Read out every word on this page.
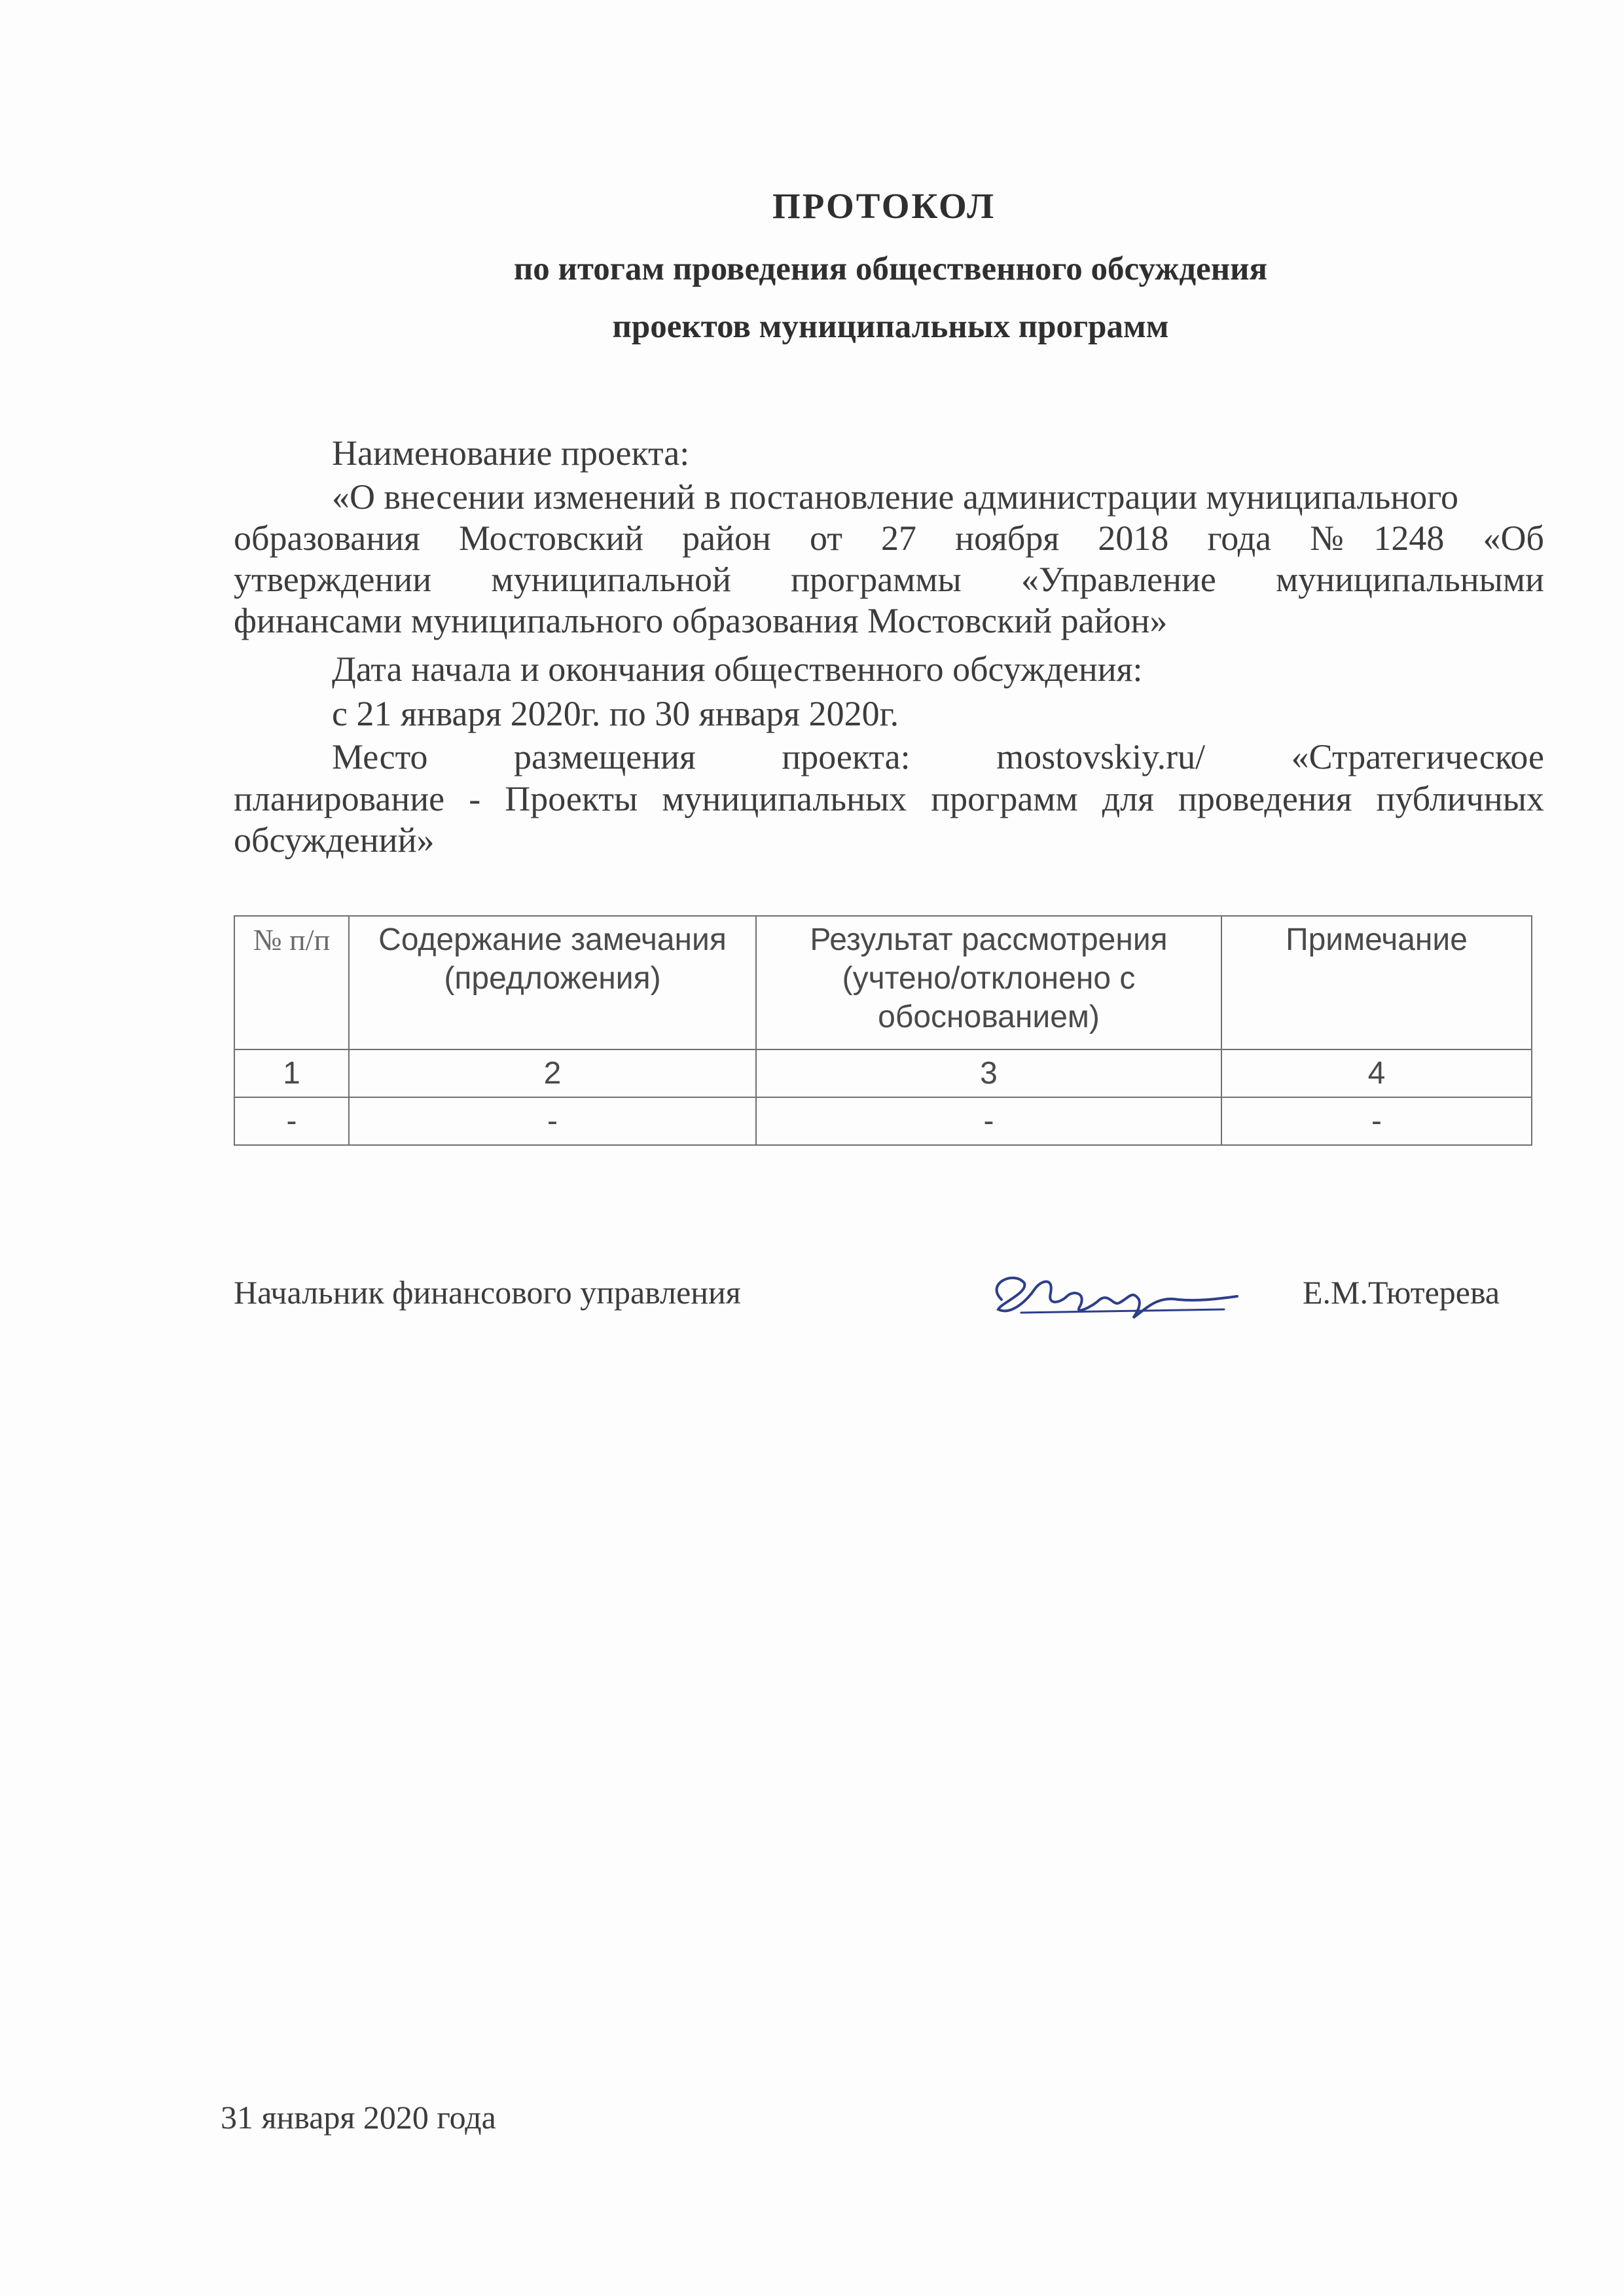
ПРОТОКОЛ
по итогам проведения общественного обсуждения
проектов муниципальных программ
Наименование проекта:
«О внесении изменений в постановление администрации муниципального
образования Мостовский район от 27 ноября 2018 года №1248 «Об
утверждении муниципальной программы «Управление муниципальными
финансами муниципального образования Мостовский район»
Дата начала и окончания общественного обсуждения:
с 21 января 2020г. по 30 января 2020г.
Место размещения проекта: mostovskiy.ru/ «Стратегическое
планирование - Проекты муниципальных программ для проведения публичных
обсуждений»
№ п/п	Содержание замечания (предложения)	Результат рассмотрения (учтено/отклонено с обоснованием)	Примечание
1	2	3	4
-	-	-	-
Начальник финансового управления	Е.М.Тютерева
31 января 2020 года
